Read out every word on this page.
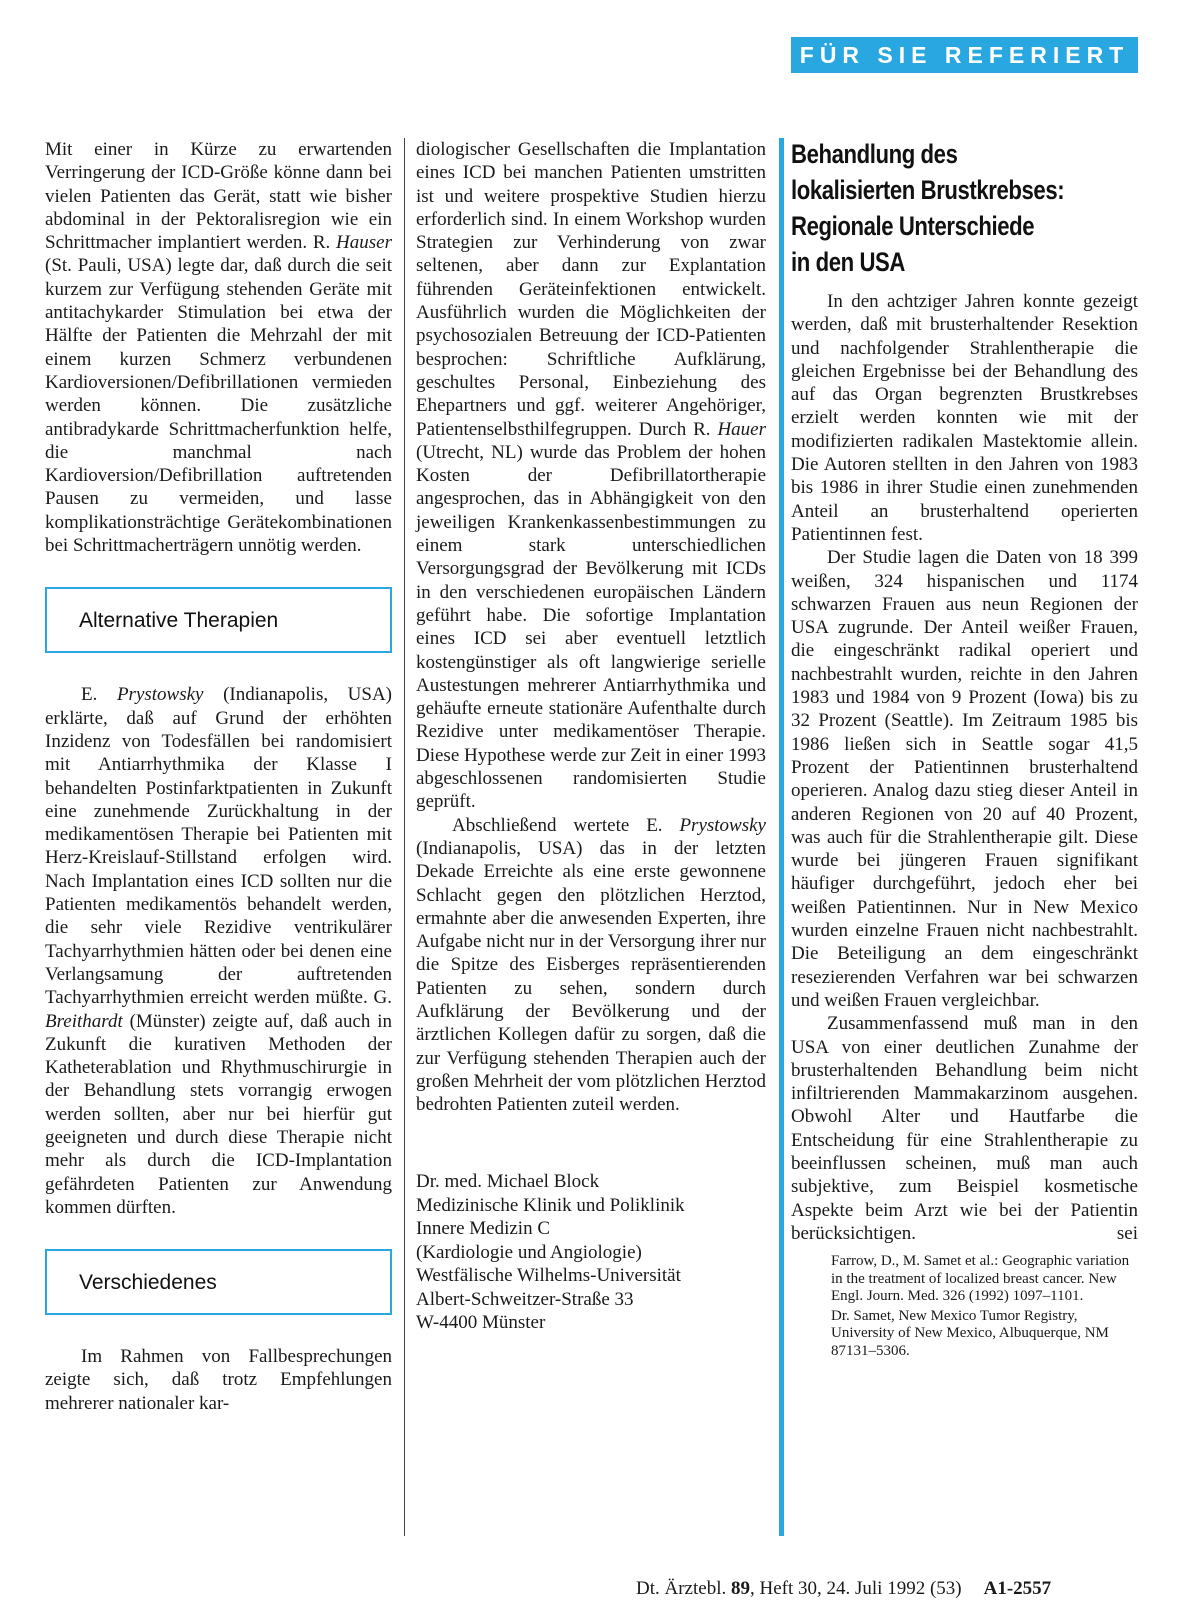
FÜR SIE REFERIERT

Mit einer in Kürze zu erwartenden Verringerung der ICD-Größe könne dann bei vielen Patienten das Gerät, statt wie bisher abdominal in der Pektoralisregion wie ein Schrittmacher implantiert werden. R. Hauser (St. Pauli, USA) legte dar, daß durch die seit kurzem zur Verfügung stehenden Geräte mit antitachykarder Stimulation bei etwa der Hälfte der Patienten die Mehrzahl der mit einem kurzen Schmerz verbundenen Kardioversionen/Defibrillationen vermieden werden können. Die zusätzliche antibradykarde Schrittmacherfunktion helfe, die manchmal nach Kardioversion/Defibrillation auftretenden Pausen zu vermeiden, und lasse komplikationsträchtige Gerätekombinationen bei Schrittmacherträgern unnötig werden.

Alternative Therapien

E. Prystowsky (Indianapolis, USA) erklärte, daß auf Grund der erhöhten Inzidenz von Todesfällen bei randomisiert mit Antiarrhythmika der Klasse I behandelten Postinfarktpatienten in Zukunft eine zunehmende Zurückhaltung in der medikamentösen Therapie bei Patienten mit Herz-Kreislauf-Stillstand erfolgen wird. Nach Implantation eines ICD sollten nur die Patienten medikamentös behandelt werden, die sehr viele Rezidive ventrikulärer Tachyarrhythmien hätten oder bei denen eine Verlangsamung der auftretenden Tachyarrhythmien erreicht werden müßte. G. Breithardt (Münster) zeigte auf, daß auch in Zukunft die kurativen Methoden der Katheterablation und Rhythmuschirurgie in der Behandlung stets vorrangig erwogen werden sollten, aber nur bei hierfür gut geeigneten und durch diese Therapie nicht mehr als durch die ICD-Implantation gefährdeten Patienten zur Anwendung kommen dürften.

Verschiedenes

Im Rahmen von Fallbesprechungen zeigte sich, daß trotz Empfehlungen mehrerer nationaler kar-

diologischer Gesellschaften die Implantation eines ICD bei manchen Patienten umstritten ist und weitere prospektive Studien hierzu erforderlich sind. In einem Workshop wurden Strategien zur Verhinderung von zwar seltenen, aber dann zur Explantation führenden Geräteinfektionen entwickelt. Ausführlich wurden die Möglichkeiten der psychosozialen Betreuung der ICD-Patienten besprochen: Schriftliche Aufklärung, geschultes Personal, Einbeziehung des Ehepartners und ggf. weiterer Angehöriger, Patientenselbsthilfegruppen. Durch R. Hauer (Utrecht, NL) wurde das Problem der hohen Kosten der Defibrillatortherapie angesprochen, das in Abhängigkeit von den jeweiligen Krankenkassenbestimmungen zu einem stark unterschiedlichen Versorgungsgrad der Bevölkerung mit ICDs in den verschiedenen europäischen Ländern geführt habe. Die sofortige Implantation eines ICD sei aber eventuell letztlich kostengünstiger als oft langwierige serielle Austestungen mehrerer Antiarrhythmika und gehäufte erneute stationäre Aufenthalte durch Rezidive unter medikamentöser Therapie. Diese Hypothese werde zur Zeit in einer 1993 abgeschlossenen randomisierten Studie geprüft.

Abschließend wertete E. Prystowsky (Indianapolis, USA) das in der letzten Dekade Erreichte als eine erste gewonnene Schlacht gegen den plötzlichen Herztod, ermahnte aber die anwesenden Experten, ihre Aufgabe nicht nur in der Versorgung ihrer nur die Spitze des Eisberges repräsentierenden Patienten zu sehen, sondern durch Aufklärung der Bevölkerung und der ärztlichen Kollegen dafür zu sorgen, daß die zur Verfügung stehenden Therapien auch der großen Mehrheit der vom plötzlichen Herztod bedrohten Patienten zuteil werden.

Dr. med. Michael Block
Medizinische Klinik und Poliklinik
Innere Medizin C
(Kardiologie und Angiologie)
Westfälische Wilhelms-Universität
Albert-Schweitzer-Straße 33
W-4400 Münster
Behandlung des
lokalisierten Brustkrebses:
Regionale Unterschiede
in den USA

In den achtziger Jahren konnte gezeigt werden, daß mit brusterhaltender Resektion und nachfolgender Strahlentherapie die gleichen Ergebnisse bei der Behandlung des auf das Organ begrenzten Brustkrebses erzielt werden konnten wie mit der modifizierten radikalen Mastektomie allein. Die Autoren stellten in den Jahren von 1983 bis 1986 in ihrer Studie einen zunehmenden Anteil an brusterhaltend operierten Patientinnen fest.

Der Studie lagen die Daten von 18 399 weißen, 324 hispanischen und 1174 schwarzen Frauen aus neun Regionen der USA zugrunde. Der Anteil weißer Frauen, die eingeschränkt radikal operiert und nachbestrahlt wurden, reichte in den Jahren 1983 und 1984 von 9 Prozent (Iowa) bis zu 32 Prozent (Seattle). Im Zeitraum 1985 bis 1986 ließen sich in Seattle sogar 41,5 Prozent der Patientinnen brusterhaltend operieren. Analog dazu stieg dieser Anteil in anderen Regionen von 20 auf 40 Prozent, was auch für die Strahlentherapie gilt. Diese wurde bei jüngeren Frauen signifikant häufiger durchgeführt, jedoch eher bei weißen Patientinnen. Nur in New Mexico wurden einzelne Frauen nicht nachbestrahlt. Die Beteiligung an dem eingeschränkt resezierenden Verfahren war bei schwarzen und weißen Frauen vergleichbar.

Zusammenfassend muß man in den USA von einer deutlichen Zunahme der brusterhaltenden Behandlung beim nicht infiltrierenden Mammakarzinom ausgehen. Obwohl Alter und Hautfarbe die Entscheidung für eine Strahlentherapie zu beeinflussen scheinen, muß man auch subjektive, zum Beispiel kosmetische Aspekte beim Arzt wie bei der Patientin berücksichtigen.	sei

Farrow, D., M. Samet et al.: Geographic variation in the treatment of localized breast cancer. New Engl. Journ. Med. 326 (1992) 1097–1101.

Dr. Samet, New Mexico Tumor Registry, University of New Mexico, Albuquerque, NM 87131–5306.

Dt. Ärztebl. 89, Heft 30, 24. Juli 1992 (53) A1-2557
